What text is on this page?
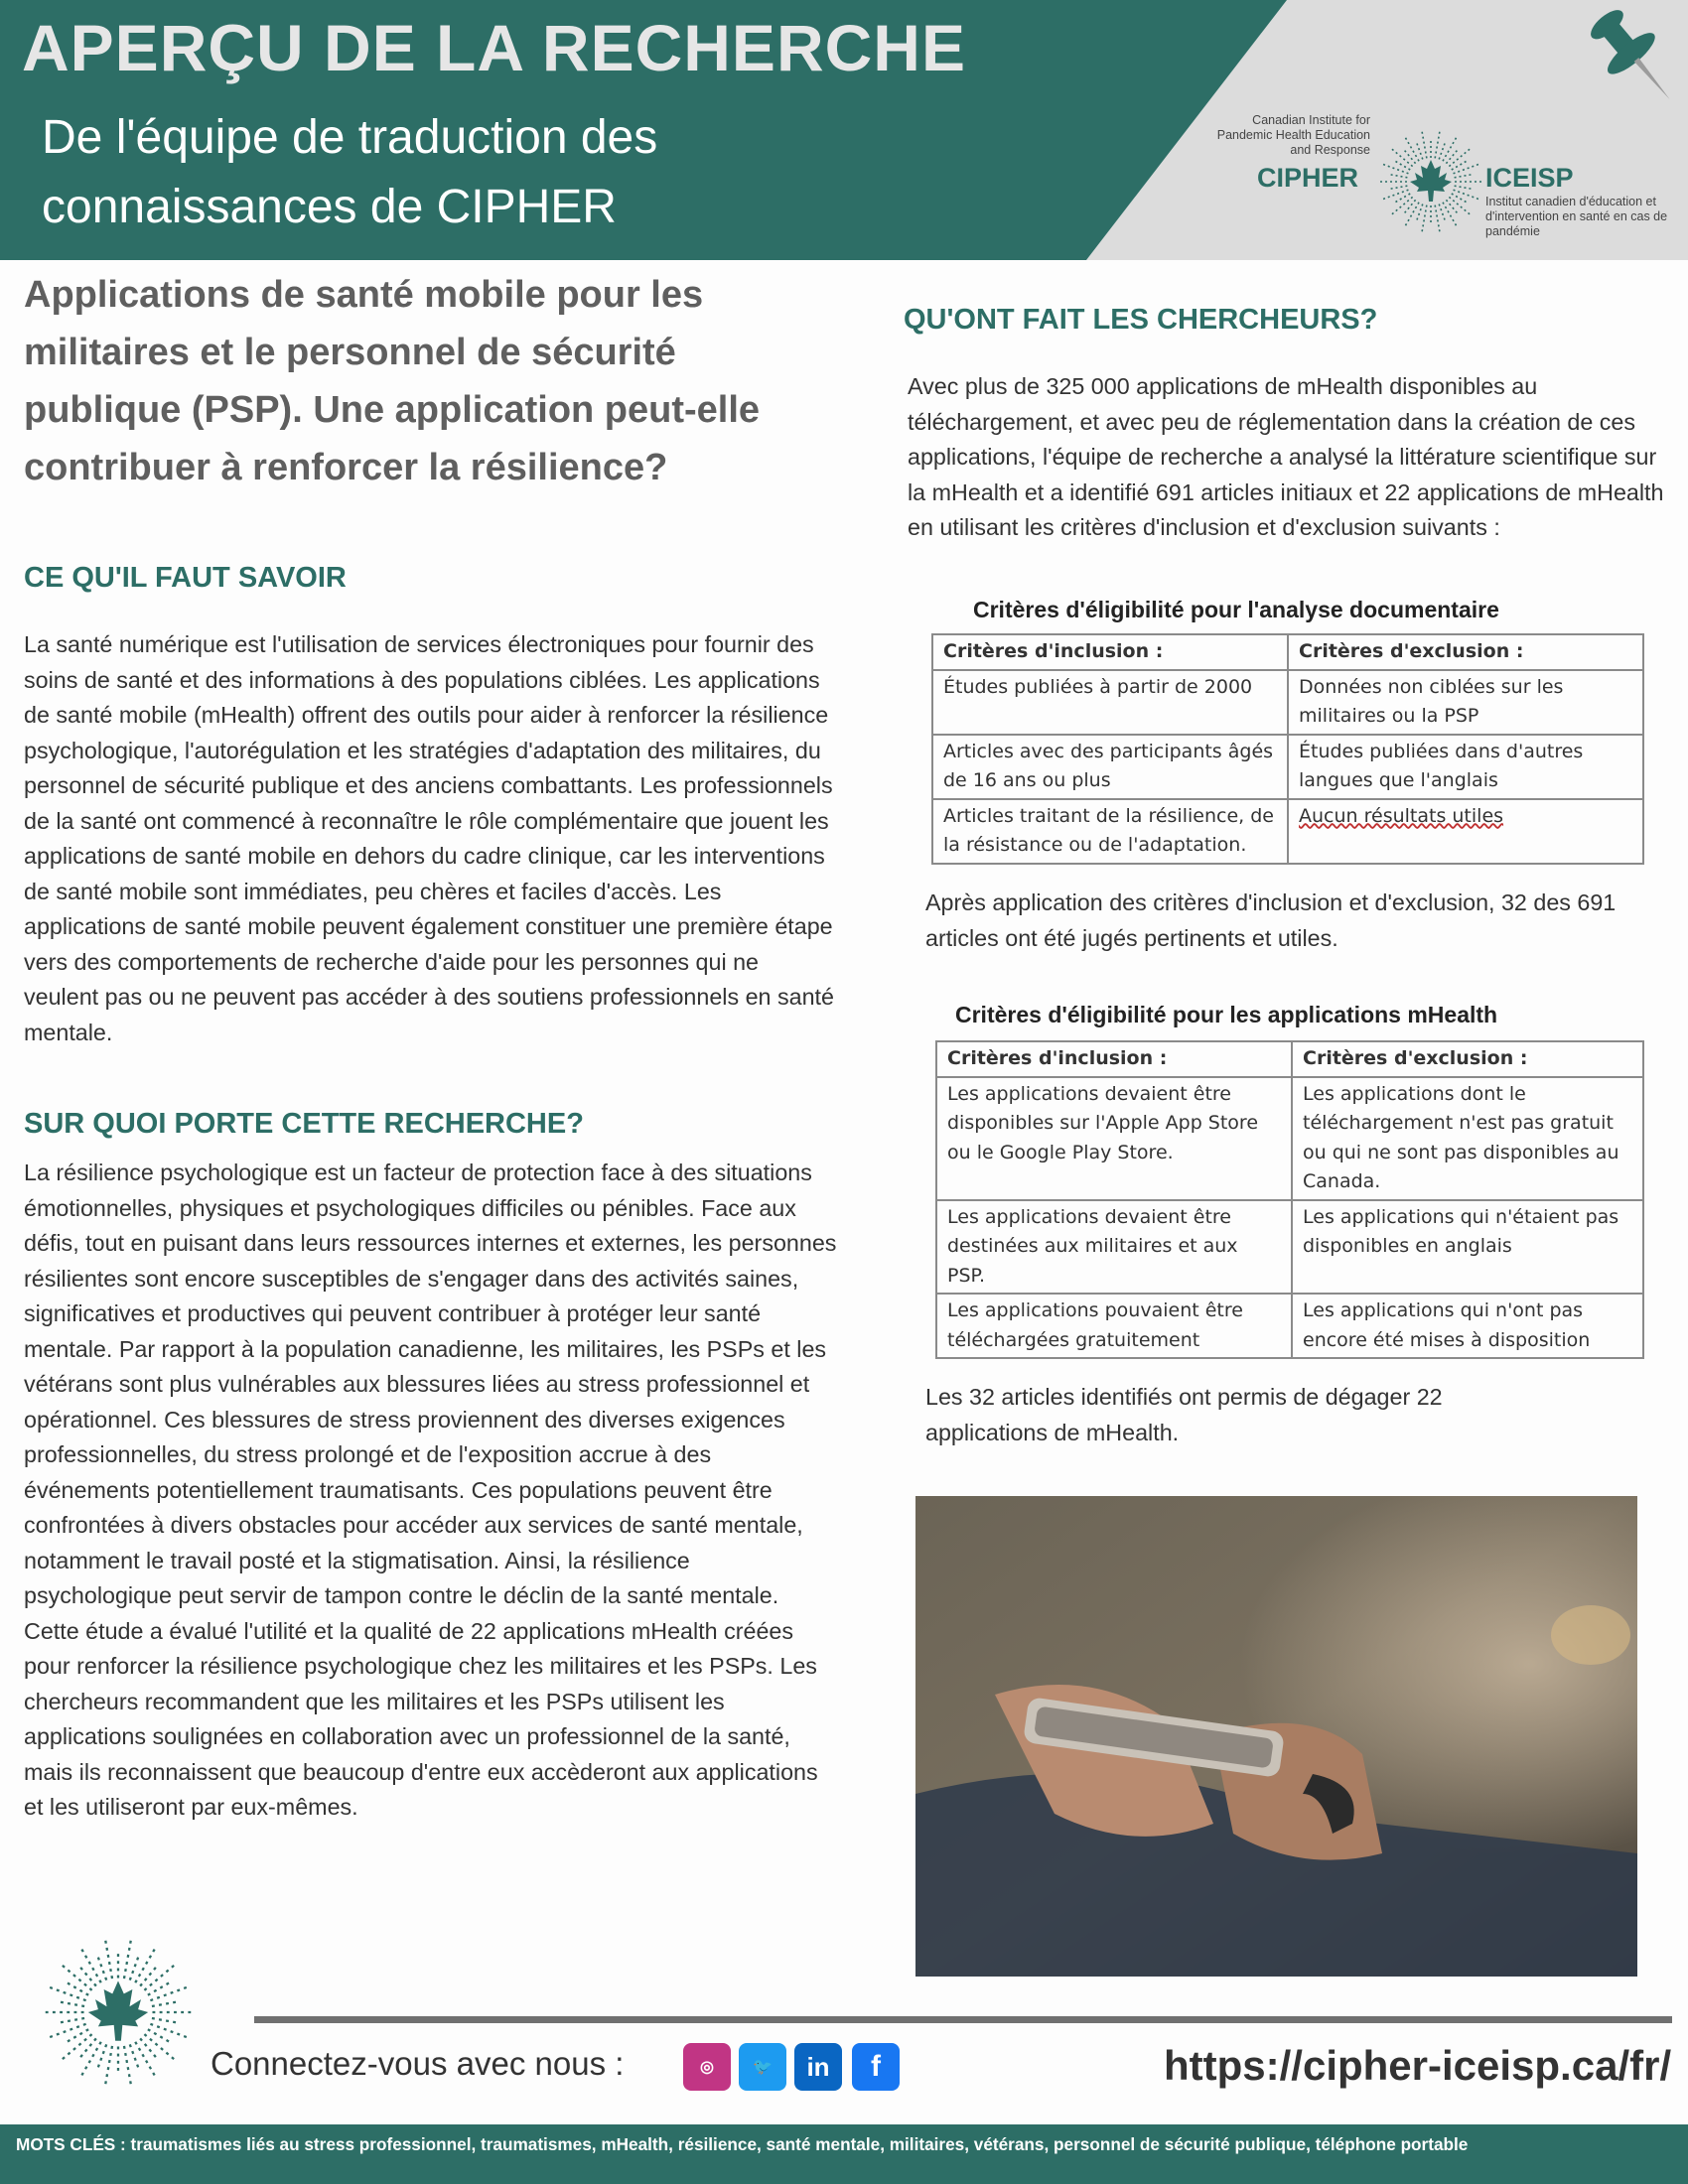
APERÇU DE LA RECHERCHE
De l'équipe de traduction des connaissances de CIPHER
Canadian Institute for Pandemic Health Education and Response
CIPHER	ICEISP
Institut canadien d'éducation et d'intervention en santé en cas de pandémie
Applications de santé mobile pour les militaires et le personnel de sécurité publique (PSP). Une application peut-elle contribuer à renforcer la résilience?
CE QU'IL FAUT SAVOIR
La santé numérique est l'utilisation de services électroniques pour fournir des soins de santé et des informations à des populations ciblées. Les applications de santé mobile (mHealth) offrent des outils pour aider à renforcer la résilience psychologique, l'autorégulation et les stratégies d'adaptation des militaires, du personnel de sécurité publique et des anciens combattants. Les professionnels de la santé ont commencé à reconnaître le rôle complémentaire que jouent les applications de santé mobile en dehors du cadre clinique, car les interventions de santé mobile sont immédiates, peu chères et faciles d'accès. Les applications de santé mobile peuvent également constituer une première étape vers des comportements de recherche d'aide pour les personnes qui ne veulent pas ou ne peuvent pas accéder à des soutiens professionnels en santé mentale.
SUR QUOI PORTE CETTE RECHERCHE?
La résilience psychologique est un facteur de protection face à des situations émotionnelles, physiques et psychologiques difficiles ou pénibles. Face aux défis, tout en puisant dans leurs ressources internes et externes, les personnes résilientes sont encore susceptibles de s'engager dans des activités saines, significatives et productives qui peuvent contribuer à protéger leur santé mentale. Par rapport à la population canadienne, les militaires, les PSPs et les vétérans sont plus vulnérables aux blessures liées au stress professionnel et opérationnel. Ces blessures de stress proviennent des diverses exigences professionnelles, du stress prolongé et de l'exposition accrue à des événements potentiellement traumatisants. Ces populations peuvent être confrontées à divers obstacles pour accéder aux services de santé mentale, notamment le travail posté et la stigmatisation. Ainsi, la résilience psychologique peut servir de tampon contre le déclin de la santé mentale. Cette étude a évalué l'utilité et la qualité de 22 applications mHealth créées pour renforcer la résilience psychologique chez les militaires et les PSPs. Les chercheurs recommandent que les militaires et les PSPs utilisent les applications soulignées en collaboration avec un professionnel de la santé, mais ils reconnaissent que beaucoup d'entre eux accèderont aux applications et les utiliseront par eux-mêmes.
QU'ONT FAIT LES CHERCHEURS?
Avec plus de 325 000 applications de mHealth disponibles au téléchargement, et avec peu de réglementation dans la création de ces applications, l'équipe de recherche a analysé la littérature scientifique sur la mHealth et a identifié 691 articles initiaux et 22 applications de mHealth en utilisant les critères d'inclusion et d'exclusion suivants :
Critères d'éligibilité pour l'analyse documentaire
Critères d'inclusion :	Critères d'exclusion :
Études publiées à partir de 2000	Données non ciblées sur les militaires ou la PSP
Articles avec des participants âgés de 16 ans ou plus	Études publiées dans d'autres langues que l'anglais
Articles traitant de la résilience, de la résistance ou de l'adaptation.	Aucun résultats utiles
Après application des critères d'inclusion et d'exclusion, 32 des 691 articles ont été jugés pertinents et utiles.
Critères d'éligibilité pour les applications mHealth
Critères d'inclusion :	Critères d'exclusion :
Les applications devaient être disponibles sur l'Apple App Store ou le Google Play Store.	Les applications dont le téléchargement n'est pas gratuit ou qui ne sont pas disponibles au Canada.
Les applications devaient être destinées aux militaires et aux PSP.	Les applications qui n'étaient pas disponibles en anglais
Les applications pouvaient être téléchargées gratuitement	Les applications qui n'ont pas encore été mises à disposition
Les 32 articles identifiés ont permis de dégager 22 applications de mHealth.
Connectez-vous avec nous :	◎ 🐦 in f	https://cipher-iceisp.ca/fr/
MOTS CLÉS : traumatismes liés au stress professionnel, traumatismes, mHealth, résilience, santé mentale, militaires, vétérans, personnel de sécurité publique, téléphone portable
